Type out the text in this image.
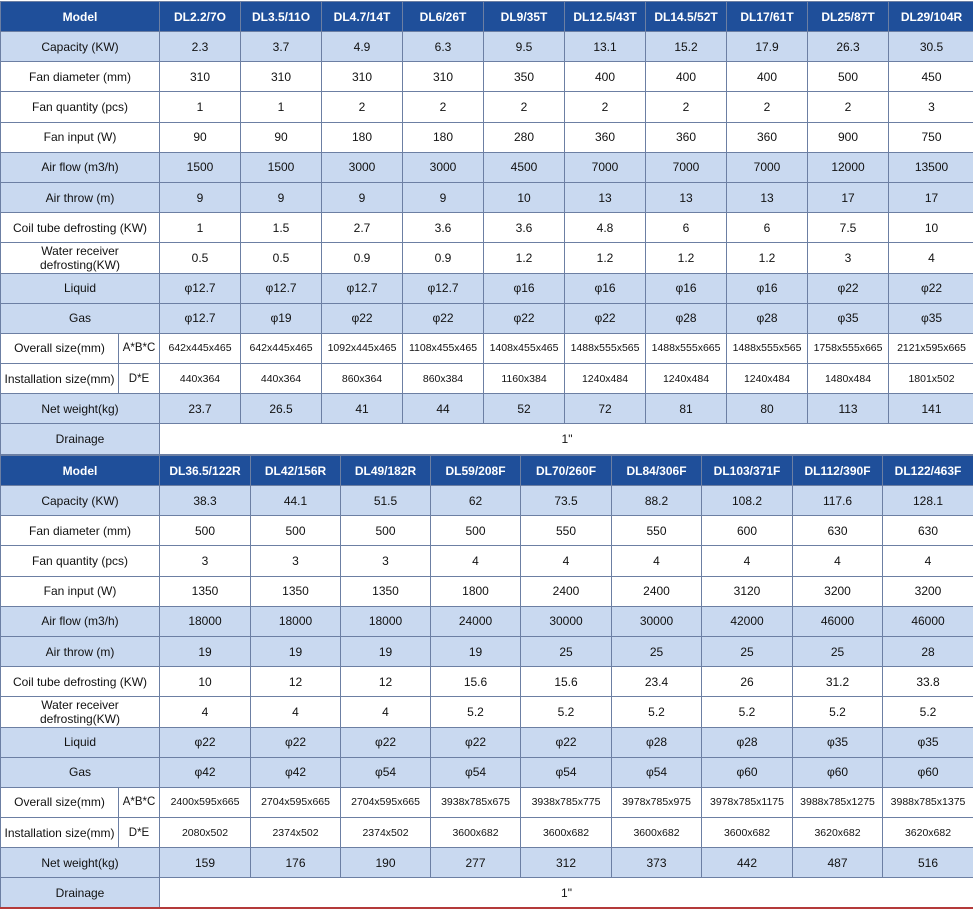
Model		DL2.2/7O	DL3.5/11O	DL4.7/14T	DL6/26T	DL9/35T	DL12.5/43T	DL14.5/52T	DL17/61T	DL25/87T	DL29/104R
Capacity (KW)		2.3	3.7	4.9	6.3	9.5	13.1	15.2	17.9	26.3	30.5
Fan diameter (mm)		310	310	310	310	350	400	400	400	500	450
Fan quantity (pcs)		1	1	2	2	2	2	2	2	2	3
Fan input (W)		90	90	180	180	280	360	360	360	900	750
Air flow (m3/h)		1500	1500	3000	3000	4500	7000	7000	7000	12000	13500
Air throw (m)		9	9	9	9	10	13	13	13	17	17
Coil tube defrosting (KW)		1	1.5	2.7	3.6	3.6	4.8	6	6	7.5	10
Water receiver defrosting(KW)		0.5	0.5	0.9	0.9	1.2	1.2	1.2	1.2	3	4
Liquid		φ12.7	φ12.7	φ12.7	φ12.7	φ16	φ16	φ16	φ16	φ22	φ22
Gas		φ12.7	φ19	φ22	φ22	φ22	φ22	φ28	φ28	φ35	φ35
Overall size(mm)	A*B*C	642x445x465	642x445x465	1092x445x465	1108x455x465	1408x455x465	1488x555x565	1488x555x665	1488x555x565	1758x555x665	2121x595x665
Installation size(mm)	D*E	440x364	440x364	860x364	860x384	1160x384	1240x484	1240x484	1240x484	1480x484	1801x502
Net weight(kg)		23.7	26.5	41	44	52	72	81	80	113	141
Drainage		1"									
Model		DL36.5/122R	DL42/156R	DL49/182R	DL59/208F	DL70/260F	DL84/306F	DL103/371F	DL112/390F	DL122/463F
Capacity (KW)		38.3	44.1	51.5	62	73.5	88.2	108.2	117.6	128.1
Fan diameter (mm)		500	500	500	500	550	550	600	630	630
Fan quantity (pcs)		3	3	3	4	4	4	4	4	4
Fan input (W)		1350	1350	1350	1800	2400	2400	3120	3200	3200
Air flow (m3/h)		18000	18000	18000	24000	30000	30000	42000	46000	46000
Air throw (m)		19	19	19	19	25	25	25	25	28
Coil tube defrosting (KW)		10	12	12	15.6	15.6	23.4	26	31.2	33.8
Water receiver defrosting(KW)		4	4	4	5.2	5.2	5.2	5.2	5.2	5.2
Liquid		φ22	φ22	φ22	φ22	φ22	φ28	φ28	φ35	φ35
Gas		φ42	φ42	φ54	φ54	φ54	φ54	φ60	φ60	φ60
Overall size(mm)	A*B*C	2400x595x665	2704x595x665	2704x595x665	3938x785x675	3938x785x775	3978x785x975	3978x785x1175	3988x785x1275	3988x785x1375
Installation size(mm)	D*E	2080x502	2374x502	2374x502	3600x682	3600x682	3600x682	3600x682	3620x682	3620x682
Net weight(kg)		159	176	190	277	312	373	442	487	516
Drainage		1"								
